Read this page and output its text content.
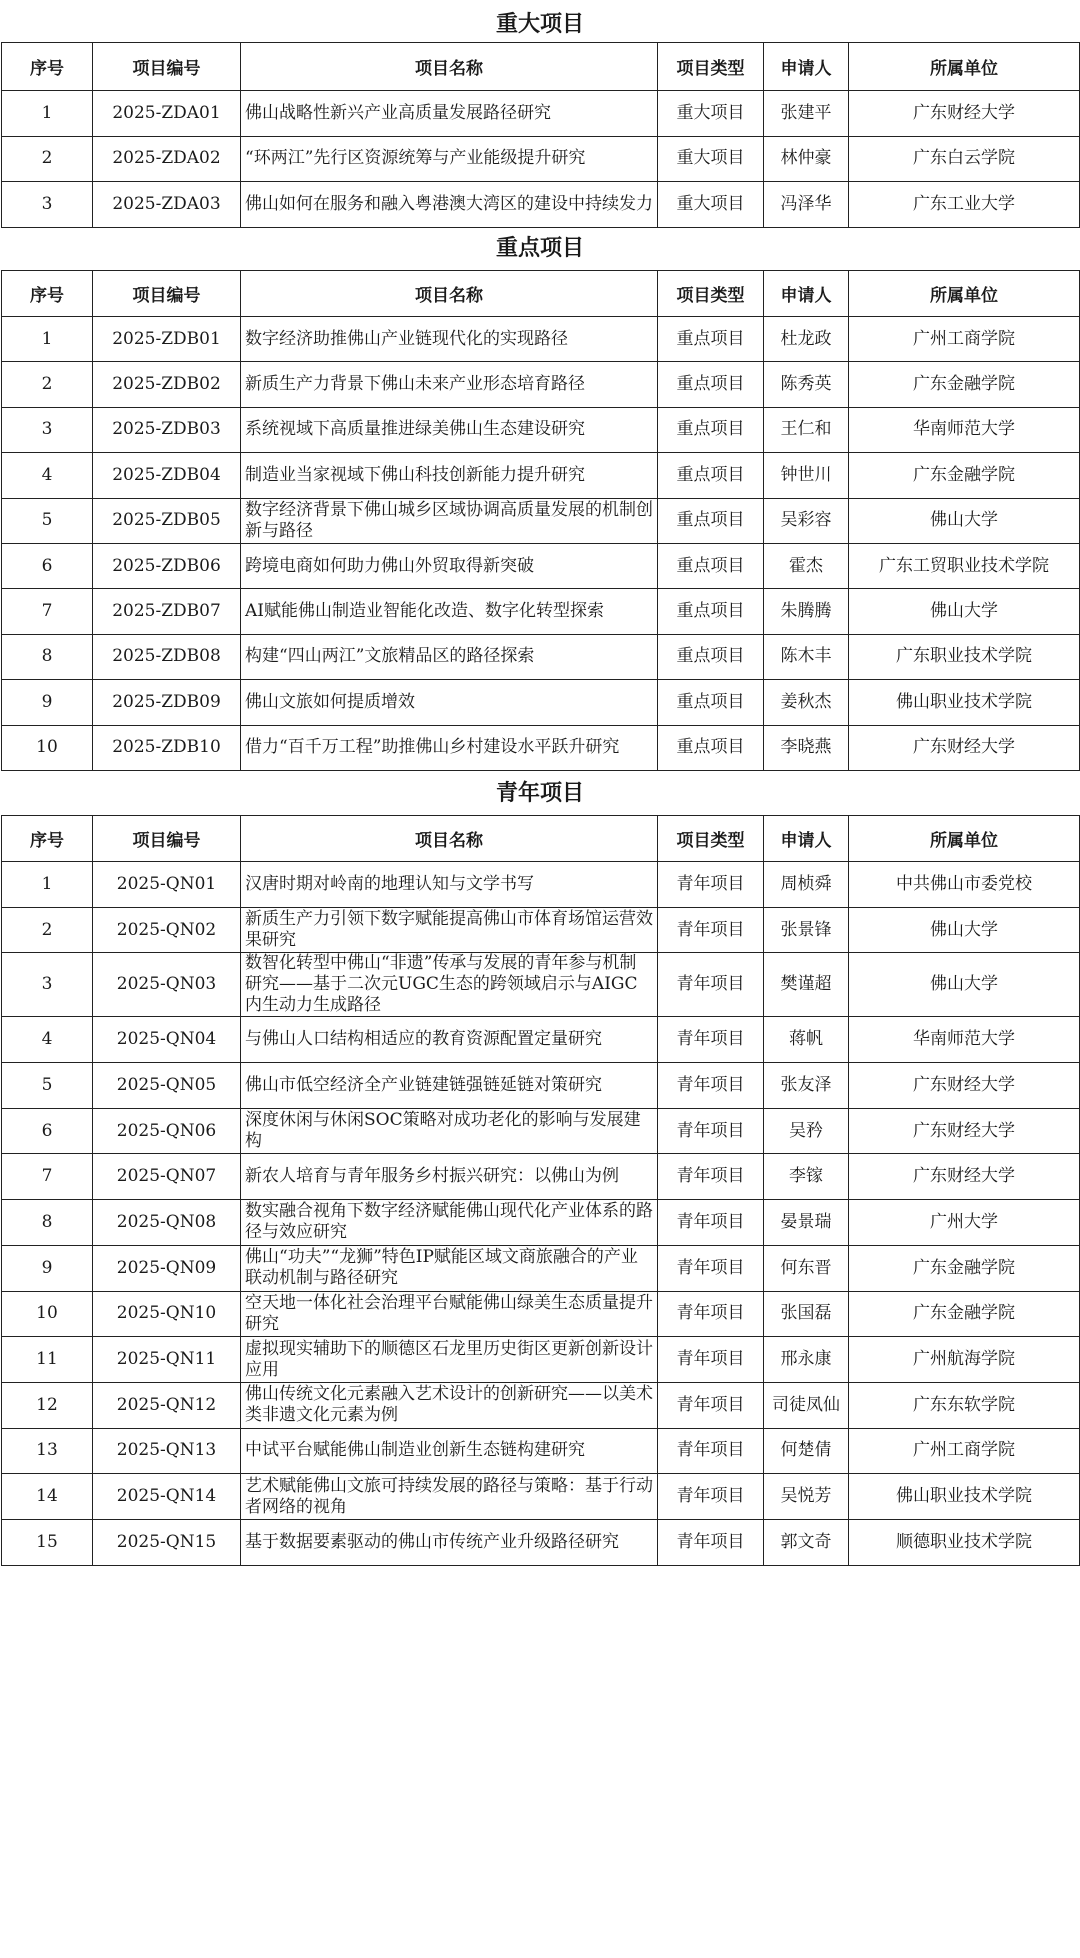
重大项目
序号	项目编号	项目名称	项目类型	申请人	所属单位
1	2025-ZDA01	佛山战略性新兴产业高质量发展路径研究	重大项目	张建平	广东财经大学
2	2025-ZDA02	“环两江”先行区资源统筹与产业能级提升研究	重大项目	林仲豪	广东白云学院
3	2025-ZDA03	佛山如何在服务和融入粤港澳大湾区的建设中持续发力	重大项目	冯泽华	广东工业大学
重点项目
序号	项目编号	项目名称	项目类型	申请人	所属单位
1	2025-ZDB01	数字经济助推佛山产业链现代化的实现路径	重点项目	杜龙政	广州工商学院
2	2025-ZDB02	新质生产力背景下佛山未来产业形态培育路径	重点项目	陈秀英	广东金融学院
3	2025-ZDB03	系统视域下高质量推进绿美佛山生态建设研究	重点项目	王仁和	华南师范大学
4	2025-ZDB04	制造业当家视域下佛山科技创新能力提升研究	重点项目	钟世川	广东金融学院
5	2025-ZDB05	数字经济背景下佛山城乡区域协调高质量发展的机制创新与路径	重点项目	吴彩容	佛山大学
6	2025-ZDB06	跨境电商如何助力佛山外贸取得新突破	重点项目	霍杰	广东工贸职业技术学院
7	2025-ZDB07	AI赋能佛山制造业智能化改造、数字化转型探索	重点项目	朱腾腾	佛山大学
8	2025-ZDB08	构建“四山两江”文旅精品区的路径探索	重点项目	陈木丰	广东职业技术学院
9	2025-ZDB09	佛山文旅如何提质增效	重点项目	姜秋杰	佛山职业技术学院
10	2025-ZDB10	借力“百千万工程”助推佛山乡村建设水平跃升研究	重点项目	李晓燕	广东财经大学
青年项目
序号	项目编号	项目名称	项目类型	申请人	所属单位
1	2025-QN01	汉唐时期对岭南的地理认知与文学书写	青年项目	周桢舜	中共佛山市委党校
2	2025-QN02	新质生产力引领下数字赋能提高佛山市体育场馆运营效果研究	青年项目	张景锋	佛山大学
3	2025-QN03	数智化转型中佛山“非遗”传承与发展的青年参与机制研究——基于二次元UGC生态的跨领域启示与AIGC内生动力生成路径	青年项目	樊谨超	佛山大学
4	2025-QN04	与佛山人口结构相适应的教育资源配置定量研究	青年项目	蒋帆	华南师范大学
5	2025-QN05	佛山市低空经济全产业链建链强链延链对策研究	青年项目	张友泽	广东财经大学
6	2025-QN06	深度休闲与休闲SOC策略对成功老化的影响与发展建构	青年项目	吴矜	广东财经大学
7	2025-QN07	新农人培育与青年服务乡村振兴研究：以佛山为例	青年项目	李镓	广东财经大学
8	2025-QN08	数实融合视角下数字经济赋能佛山现代化产业体系的路径与效应研究	青年项目	晏景瑞	广州大学
9	2025-QN09	佛山“功夫”“龙狮”特色IP赋能区域文商旅融合的产业联动机制与路径研究	青年项目	何东晋	广东金融学院
10	2025-QN10	空天地一体化社会治理平台赋能佛山绿美生态质量提升研究	青年项目	张国磊	广东金融学院
11	2025-QN11	虚拟现实辅助下的顺德区石龙里历史街区更新创新设计应用	青年项目	邢永康	广州航海学院
12	2025-QN12	佛山传统文化元素融入艺术设计的创新研究——以美术类非遗文化元素为例	青年项目	司徒凤仙	广东东软学院
13	2025-QN13	中试平台赋能佛山制造业创新生态链构建研究	青年项目	何楚倩	广州工商学院
14	2025-QN14	艺术赋能佛山文旅可持续发展的路径与策略：基于行动者网络的视角	青年项目	吴悦芳	佛山职业技术学院
15	2025-QN15	基于数据要素驱动的佛山市传统产业升级路径研究	青年项目	郭文奇	顺德职业技术学院
